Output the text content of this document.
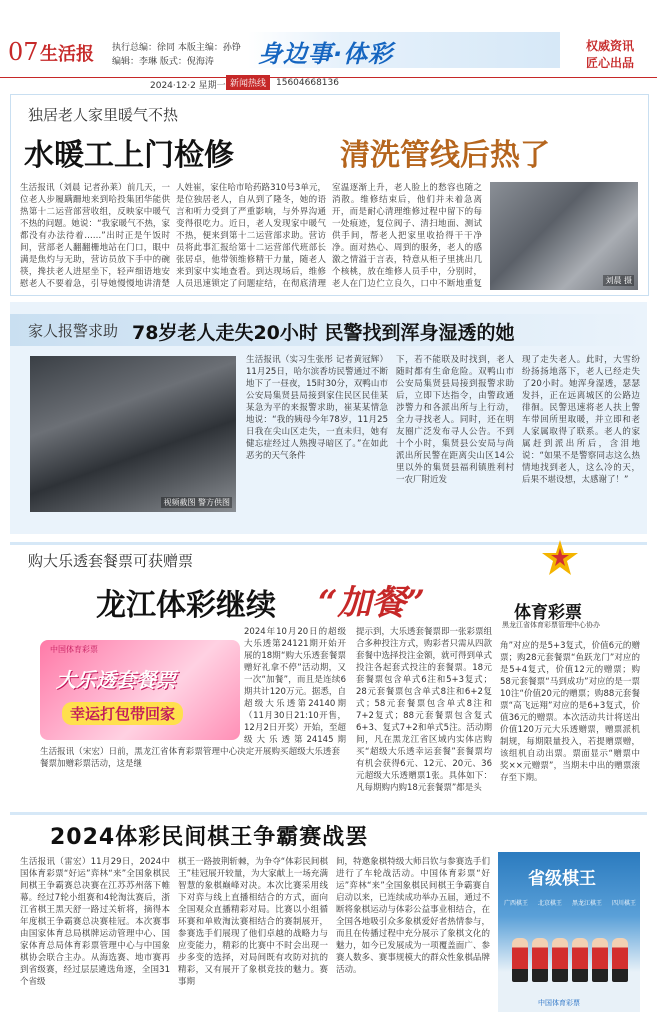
07 生活报 执行总编：徐同 本版主编：孙铮
编辑：李琳 版式：倪海涛	身边事·体彩	权威资讯
匠心出品
2024·12·2 星期一 新闻热线	15604668136
独居老人家里暖气不热
水暖工上门检修	清洗管线后热了
生活报讯（刘晨 记者孙莱）前几天，一位老人步履蹒跚地来到哈投集团华能供热第十二运营部营收组，反映家中暖气不热的问题。她说：“我家暖气不热，家都没有办法待着……”出时正是午饭时间，营部老人翻翻栅地站在门口，眼中满是焦灼与无助，营访员放下手中的碗筷，搀扶老人进屋坐下，轻声细语地安慰老人不要着急，引导她慢慢地讲清楚
人姓崔，家住哈市哈药路310号3单元，是位独居老人，自从到了隆冬，她的语言和听力受到了严重影响，与外界沟通变得很吃力。近日，老人发现家中暖气不热，便来到第十二运营部求助。营访员将此事汇报给第十二运营部代班部长张居卓，他带领维修精干力量，随老人来到家中实地查看。到达现场后，维修人员迅速锁定了问题症结，在彻底清理
室温逐渐上升，老人脸上的愁容也随之消散。维修结束后，他们并未着急离开，而是耐心清理维修过程中留下的每一处痕迹，复位阀子、清扫地面、测试供手间，帮老人把家里收拾得干干净净。面对热心、周到的服务，老人的感激之情溢于言表，特意从柜子里挑出几个核桃，放在维修人员手中，分别时，老人在门边伫立良久，口中不断地重复	刘晨 摄
家人报警求助 78岁老人走失20小时 民警找到浑身湿透的她
视频截图 警方供图
生活报讯（实习生张彤 记者黄冠辉）11月25日，哈尔滨香坊民警通过不断地下了一昼夜，15时30分，双鸭山市公安局集贤县局接到家住民区民佳某某急为平的来报警求助，崔某某情急地说：“我的姨母今年78岁，11月25日我在尖山区走失，一直未归，她有健忘症经过人熟搜寻暗区了。”在如此恶劣的天气条件
下，若不能联及时找到，老人随时都有生命危险。双鸭山市公安局集贤县局接到报警求助后，立即下达指令，由警政通涉警力和各派出所与上行动，全力寻找老人。同时，还在明友圈广泛发布寻人公告。不到十个小时，集贤县公安局与尚派出所民警在距离尖山区14公里以外的集贤县福利镇胜利村一农厂附近发
现了走失老人。此时，大雪纷纷扬扬地落下，老人已经走失了20小时。她浑身湿透，瑟瑟发抖，正在远离城区的公路边徘徊。民警迅速将老人扶上警车带回所里取暖，并立即和老人家属取得了联系。老人的家属赶到派出所后，含泪地说：“如果不是警察同志这么热情地找到老人，这么冷的天，后果不堪设想，太感谢了！”
购大乐透套餐票可获赠票
龙江体彩继续 “加餐”	体育彩票
黑龙江省体育彩票管理中心协办
中国体育彩票
大乐透套餐票
幸运打包带回家
2024年10月20日的超级大乐透第24121期开始开展的18期“购大乐透套餐票赠好礼拿不停”活动期，又一次“加餐”，而且是连续6期共计120万元。据悉，自超级大乐透第24140期（11月30日21:10开售，12月2日开奖）开始，至超级大乐透第24145期
生活报讯（宋宏）日前，黑龙江省体育彩票管理中心决定开展购买超级大乐透套餐票加赠彩票活动，这是继
提示到，大乐透套餐票即一张彩票组合多种投注方式，购彩者只需从四款套餐中选择投注金额，就可得到单式投注各起套式投注的套餐票。18元套餐票包含单式6注和5+3复式；28元套餐票包含单式8注和6+2复式；58元套餐票包含单式8注和7+2复式；88元套餐票包含复式6+3、复式7+2和单式5注。活动期间，凡在黑龙江省区域内实体店购买“超级大乐透幸运套餐”套餐票均有机会获得6元、12元、20元、36元超级大乐透赠票1张。具体如下：凡每期购内购18元套餐票”都是头
角”对应的是5+3复式，价值6元的赠票；购28元套餐票“鱼跃龙门”对应的是5+4复式，价值12元的赠票；购58元套餐票“马到成功”对应的是一票10注“价值20元的赠票；购88元套餐票“高飞远翔”对应的是6+3复式，价值36元的赠票。本次活动共计将送出价值120万元大乐透赠票，赠票派机制规，每期限量投入，若提赠票赠，该组机自动出票。票面显示“赠票中奖××元赠票”，当期未中出的赠票滚存至下期。
2024体彩民间棋王争霸赛战罢
生活报讯（雷宏）11月29日，2024中国体育彩票“好运”弈林“来”全国象棋民间棋王争霸赛总决赛在江苏苏州落下帷幕。经过7轮小组赛和4轮淘汰赛后，浙江省棋王黑天舒一路过关斩将，摘得本年度棋王争霸赛总决赛桂冠。本次赛事由国家体育总局棋牌运动管理中心、国家体育总局体育彩票管理中心与中国象棋协会联合主办。从海选赛、地市赛再到省级赛，经过层层遴选角逐，全国31个省级
棋王一路披荆斩棘，为争夺“体彩民间棋王”桂冠展开较量，为大家献上一场充满智慧的象棋巅峰对决。本次比赛采用线下对弈与线上直播相结合的方式，面向全国观众直播精彩对局。比赛以小组循环赛和单败淘汰赛相结合的赛制展开，参赛选手们展现了他们卓越的战略力与应变能力，精彩的比赛中不时会出现一步多变的选择，对局间既有攻防对抗的精彩，又有展开了象棋竞技的魅力。赛事期
间，特邀象棋特级大师吕钦与参赛选手们进行了车轮战活动。中国体育彩票“好运”弈林“来”全国象棋民间棋王争霸赛自启动以来，已连续成功举办五届，通过不断将象棋运动与体彩公益事业相结合，在全国各地吸引众多象棋爱好者热情参与，而且在传播过程中充分展示了象棋文化的魅力，如今已发展成为一项覆盖面广、参赛人数多、赛事规模大的群众性象棋品牌活动。
省级棋王
广西棋王 北京棋王 黑龙江棋王 四川棋王
中国体育彩票
